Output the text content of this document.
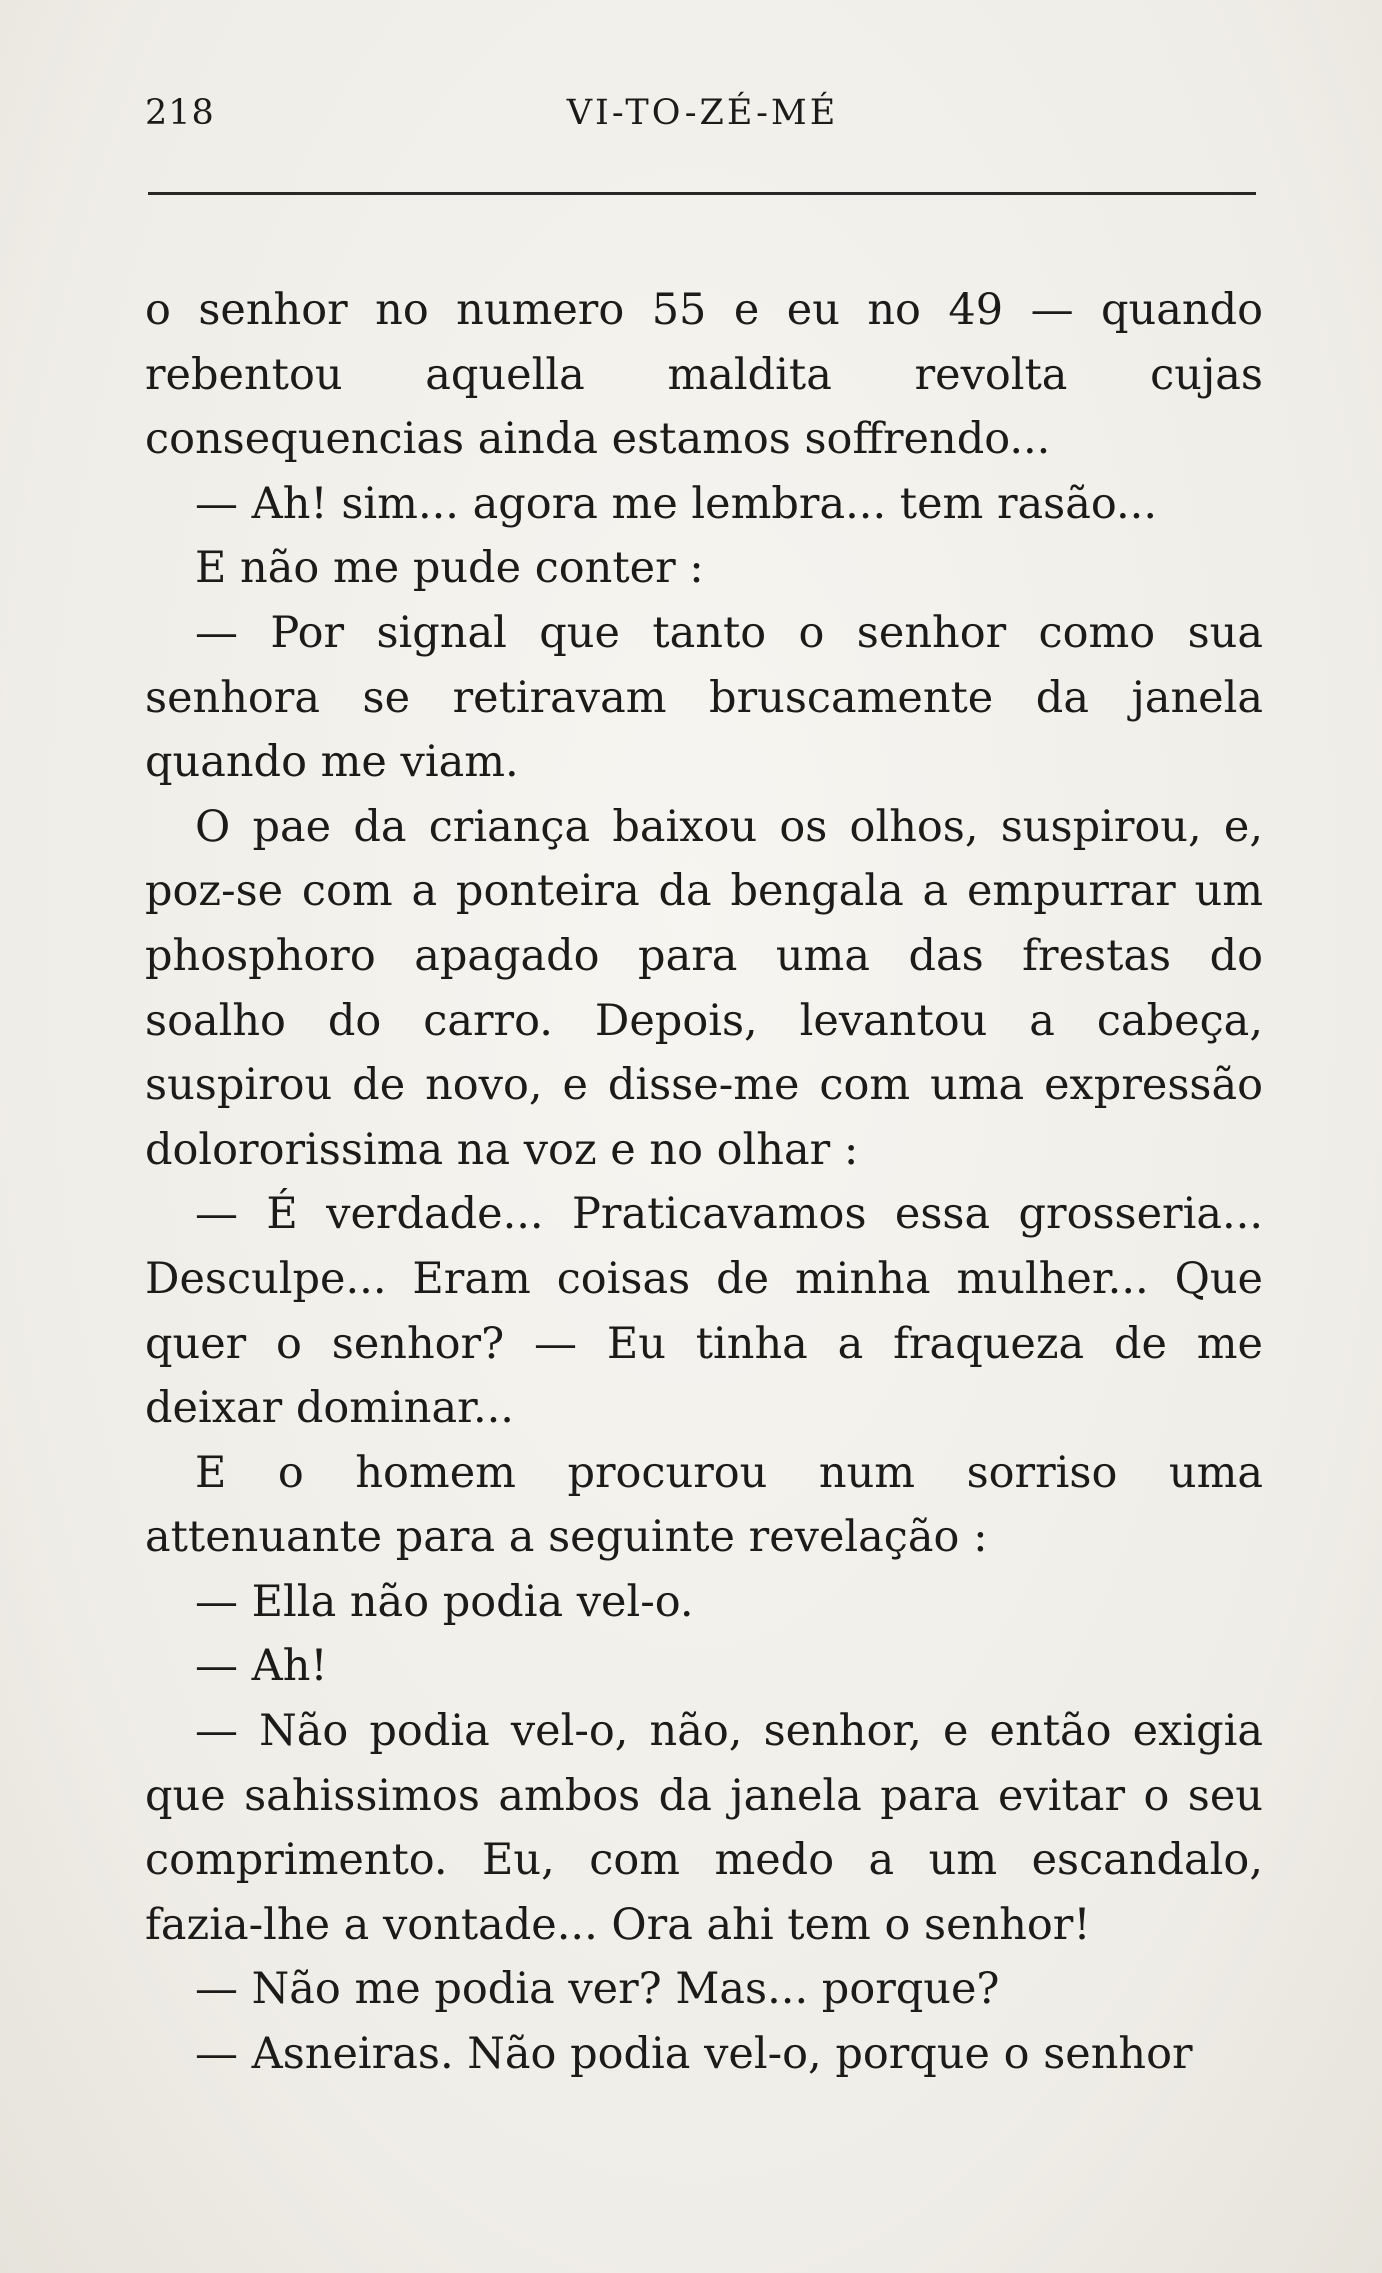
218	VI-TO-ZÉ-MÉ

o senhor no numero 55 e eu no 49 — quando rebentou aquella maldita revolta cujas consequencias ainda estamos soffrendo...

— Ah! sim... agora me lembra... tem rasão...

E não me pude conter :

— Por signal que tanto o senhor como sua senhora se retiravam bruscamente da janela quando me viam.

O pae da criança baixou os olhos, suspirou, e, poz-se com a ponteira da bengala a empurrar um phosphoro apagado para uma das frestas do soalho do carro. Depois, levantou a cabeça, suspirou de novo, e disse-me com uma expressão dolororissima na voz e no olhar :

— É verdade... Praticavamos essa grosseria... Desculpe... Eram coisas de minha mulher... Que quer o senhor? — Eu tinha a fraqueza de me deixar dominar...

E o homem procurou num sorriso uma attenuante para a seguinte revelação :

— Ella não podia vel-o.

— Ah!

— Não podia vel-o, não, senhor, e então exigia que sahissimos ambos da janela para evitar o seu comprimento. Eu, com medo a um escandalo, fazia-lhe a vontade... Ora ahi tem o senhor!

— Não me podia ver? Mas... porque?

— Asneiras. Não podia vel-o, porque o senhor
